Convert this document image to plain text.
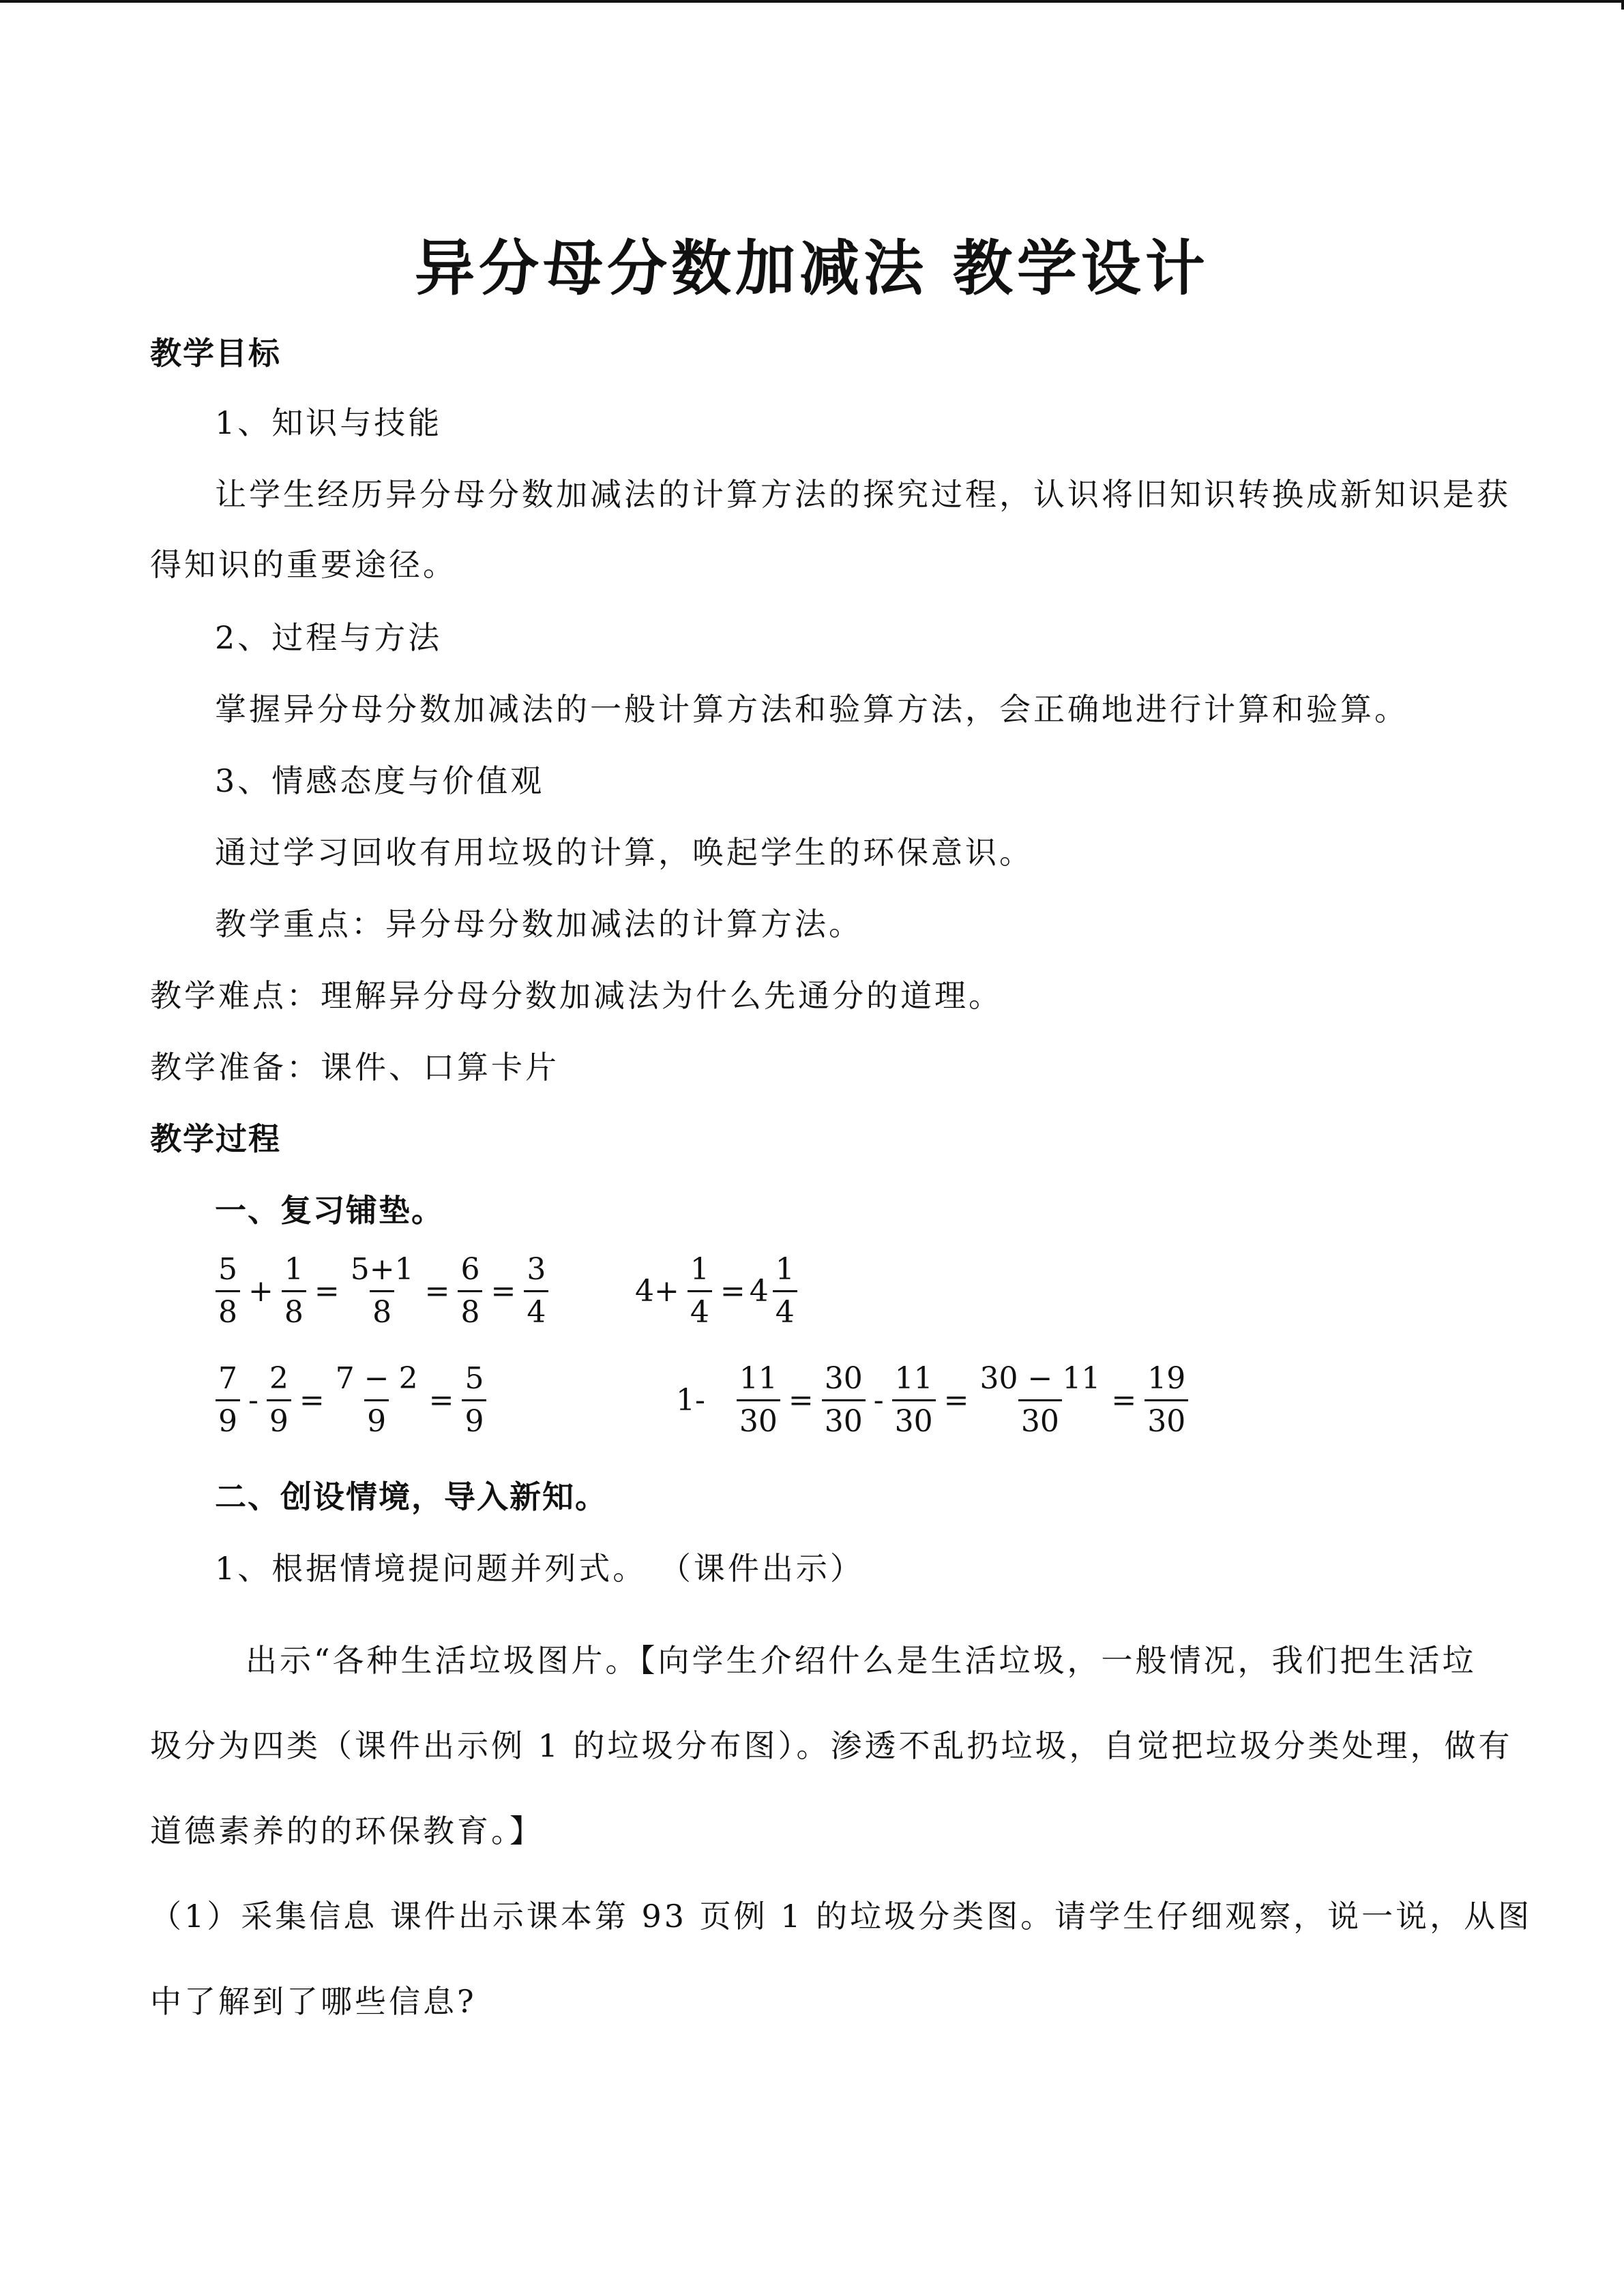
异分母分数加减法 教学设计
教学目标
1、知识与技能
让学生经历异分母分数加减法的计算方法的探究过程，认识将旧知识转换成新知识是获
得知识的重要途径。
2、过程与方法
掌握异分母分数加减法的一般计算方法和验算方法，会正确地进行计算和验算。
3、情感态度与价值观
通过学习回收有用垃圾的计算，唤起学生的环保意识。
教学重点：异分母分数加减法的计算方法。
教学难点：理解异分母分数加减法为什么先通分的道理。
教学准备：课件、口算卡片
教学过程
一、复习铺垫。
$\frac{5}{8} + \frac{1}{8} = \frac{5+1}{8} = \frac{6}{8} = \frac{3}{4}$	$4+ \frac{1}{4} = 4 \frac{1}{4}$
$\frac{7}{9} - \frac{2}{9} = \frac{7 - 2}{9} = \frac{5}{9}$	$1- \frac{11}{30} = \frac{30}{30} - \frac{11}{30} = \frac{30 - 11}{30} = \frac{19}{30}$
二、创设情境，导入新知。
1、根据情境提问题并列式。 （课件出示）
出示“各种生活垃圾图片。【向学生介绍什么是生活垃圾，一般情况，我们把生活垃
圾分为四类（课件出示例 1 的垃圾分布图）。渗透不乱扔垃圾，自觉把垃圾分类处理，做有
道德素养的的环保教育。】
（1）采集信息 课件出示课本第 93 页例 1 的垃圾分类图。请学生仔细观察，说一说，从图
中了解到了哪些信息?
